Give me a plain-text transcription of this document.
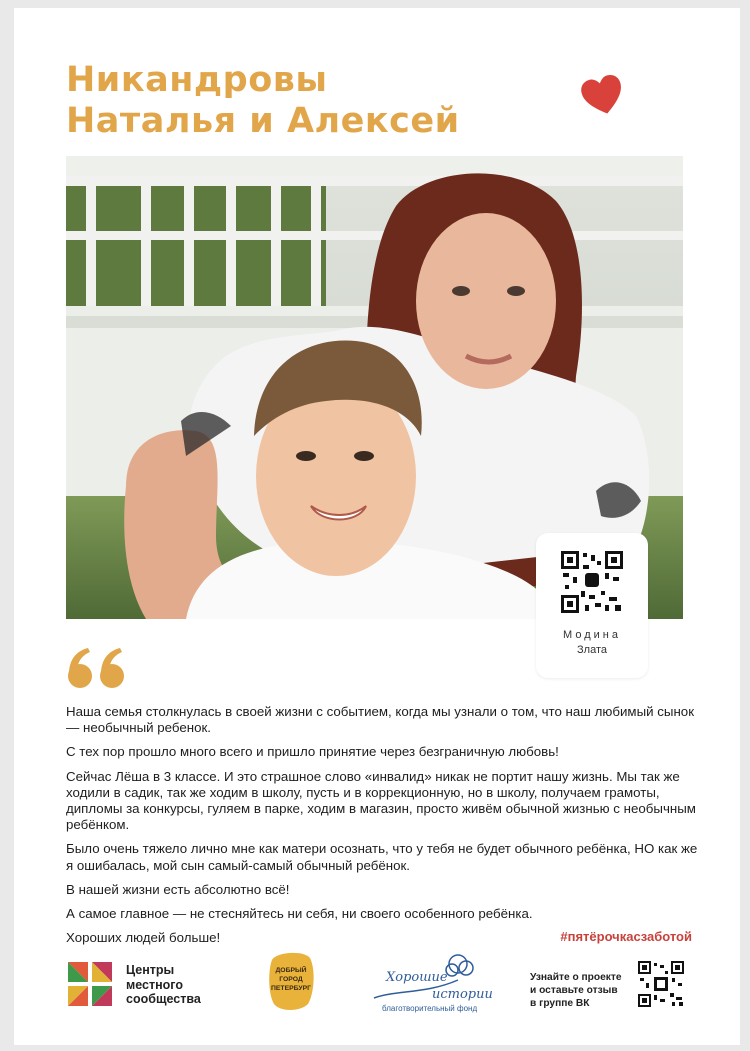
Никандровы
Наталья и Алексей
Модина
Злата

Наша семья столкнулась в своей жизни с событием, когда мы узнали о том, что наш любимый сынок — необычный ребенок.

С тех пор прошло много всего и пришло принятие через безграничную любовь!

Сейчас Лёша в 3 классе. И это страшное слово «инвалид» никак не портит нашу жизнь. Мы так же ходили в садик, так же ходим в школу, пусть и в коррекционную, но в школу, получаем грамоты, дипломы за конкурсы, гуляем в парке, ходим в магазин, просто живём обычной жизнью с необычным ребёнком.

Было очень тяжело лично мне как матери осознать, что у тебя не будет обычного ребёнка, НО как же я ошибалась, мой сын самый-самый обычный ребёнок.

В нашей жизни есть абсолютно всё!

А самое главное — не стесняйтесь ни себя, ни своего особенного ребёнка.

Хороших людей больше!	#пятёрочкасзаботой
Центры
местного
сообщества
ДОБРЫЙ
ГОРОД
ПЕТЕРБУРГ
Хорошие
истории
благотворительный фонд
Узнайте о проекте
и оставьте отзыв
в группе ВК
